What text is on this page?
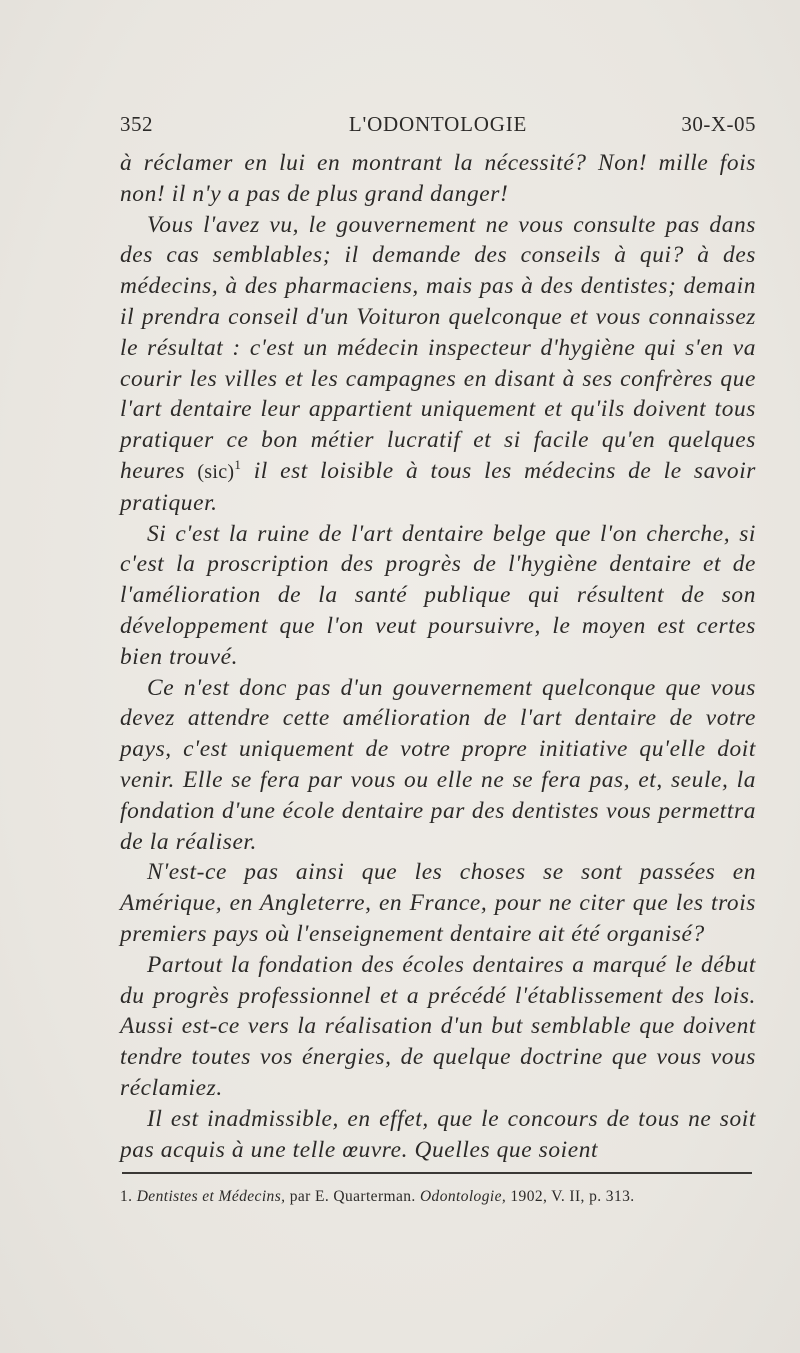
352	L'ODONTOLOGIE	30-X-05

à réclamer en lui en montrant la nécessité? Non! mille fois non! il n'y a pas de plus grand danger!

Vous l'avez vu, le gouvernement ne vous consulte pas dans des cas semblables; il demande des conseils à qui? à des médecins, à des pharmaciens, mais pas à des dentistes; demain il prendra conseil d'un Voituron quelconque et vous connaissez le résultat : c'est un médecin inspecteur d'hygiène qui s'en va courir les villes et les campagnes en disant à ses confrères que l'art dentaire leur appartient uniquement et qu'ils doivent tous pratiquer ce bon métier lucratif et si facile qu'en quelques heures (sic)$^1$ il est loisible à tous les médecins de le savoir pratiquer.

Si c'est la ruine de l'art dentaire belge que l'on cherche, si c'est la proscription des progrès de l'hygiène dentaire et de l'amélioration de la santé publique qui résultent de son développement que l'on veut poursuivre, le moyen est certes bien trouvé.

Ce n'est donc pas d'un gouvernement quelconque que vous devez attendre cette amélioration de l'art dentaire de votre pays, c'est uniquement de votre propre initiative qu'elle doit venir. Elle se fera par vous ou elle ne se fera pas, et, seule, la fondation d'une école dentaire par des dentistes vous permettra de la réaliser.

N'est-ce pas ainsi que les choses se sont passées en Amérique, en Angleterre, en France, pour ne citer que les trois premiers pays où l'enseignement dentaire ait été organisé?

Partout la fondation des écoles dentaires a marqué le début du progrès professionnel et a précédé l'établissement des lois. Aussi est-ce vers la réalisation d'un but semblable que doivent tendre toutes vos énergies, de quelque doctrine que vous vous réclamiez.

Il est inadmissible, en effet, que le concours de tous ne soit pas acquis à une telle œuvre. Quelles que soient

1. Dentistes et Médecins, par E. Quarterman. Odontologie, 1902, V. II, p. 313.
